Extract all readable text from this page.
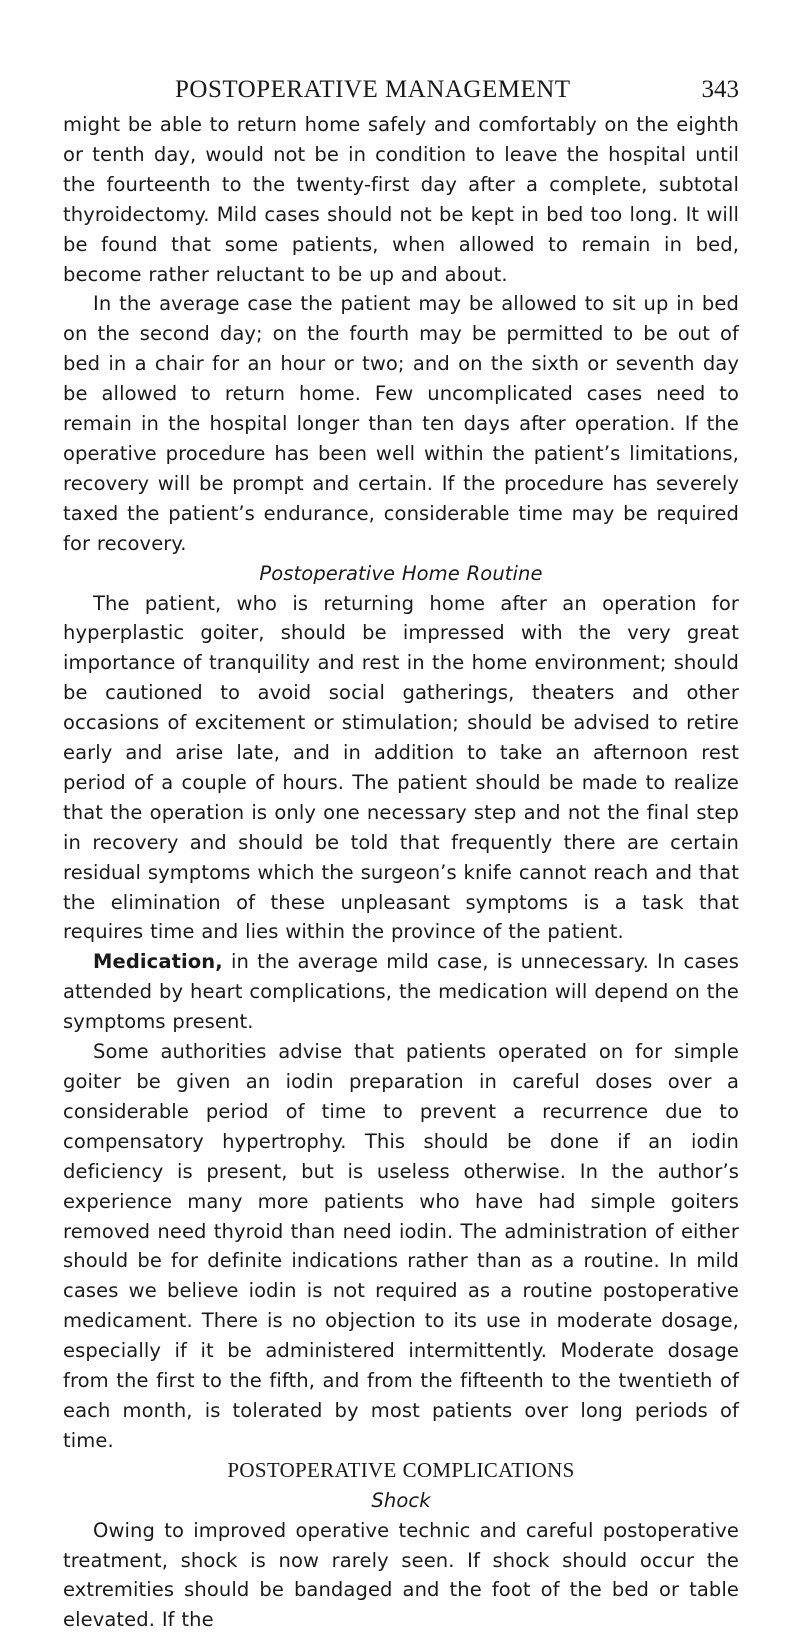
POSTOPERATIVE MANAGEMENT	343

might be able to return home safely and comfortably on the eighth or tenth day, would not be in condition to leave the hospital until the fourteenth to the twenty-first day after a complete, subtotal thyroidectomy. Mild cases should not be kept in bed too long. It will be found that some patients, when allowed to remain in bed, become rather reluctant to be up and about.

In the average case the patient may be allowed to sit up in bed on the second day; on the fourth may be permitted to be out of bed in a chair for an hour or two; and on the sixth or seventh day be allowed to return home. Few uncomplicated cases need to remain in the hospital longer than ten days after operation. If the operative procedure has been well within the patient’s limitations, recovery will be prompt and certain. If the procedure has severely taxed the patient’s endurance, considerable time may be required for recovery.

Postoperative Home Routine

The patient, who is returning home after an operation for hyperplastic goiter, should be impressed with the very great importance of tranquility and rest in the home environment; should be cautioned to avoid social gatherings, theaters and other occasions of excitement or stimulation; should be advised to retire early and arise late, and in addition to take an afternoon rest period of a couple of hours. The patient should be made to realize that the operation is only one necessary step and not the final step in recovery and should be told that frequently there are certain residual symptoms which the surgeon’s knife cannot reach and that the elimination of these unpleasant symptoms is a task that requires time and lies within the province of the patient.

Medication, in the average mild case, is unnecessary. In cases attended by heart complications, the medication will depend on the symptoms present.

Some authorities advise that patients operated on for simple goiter be given an iodin preparation in careful doses over a considerable period of time to prevent a recurrence due to compensatory hypertrophy. This should be done if an iodin deficiency is present, but is useless otherwise. In the author’s experience many more patients who have had simple goiters removed need thyroid than need iodin. The administration of either should be for definite indications rather than as a routine. In mild cases we believe iodin is not required as a routine postoperative medicament. There is no objection to its use in moderate dosage, especially if it be administered intermittently. Moderate dosage from the first to the fifth, and from the fifteenth to the twentieth of each month, is tolerated by most patients over long periods of time.

POSTOPERATIVE COMPLICATIONS

Shock

Owing to improved operative technic and careful postoperative treatment, shock is now rarely seen. If shock should occur the extremities should be bandaged and the foot of the bed or table elevated. If the
